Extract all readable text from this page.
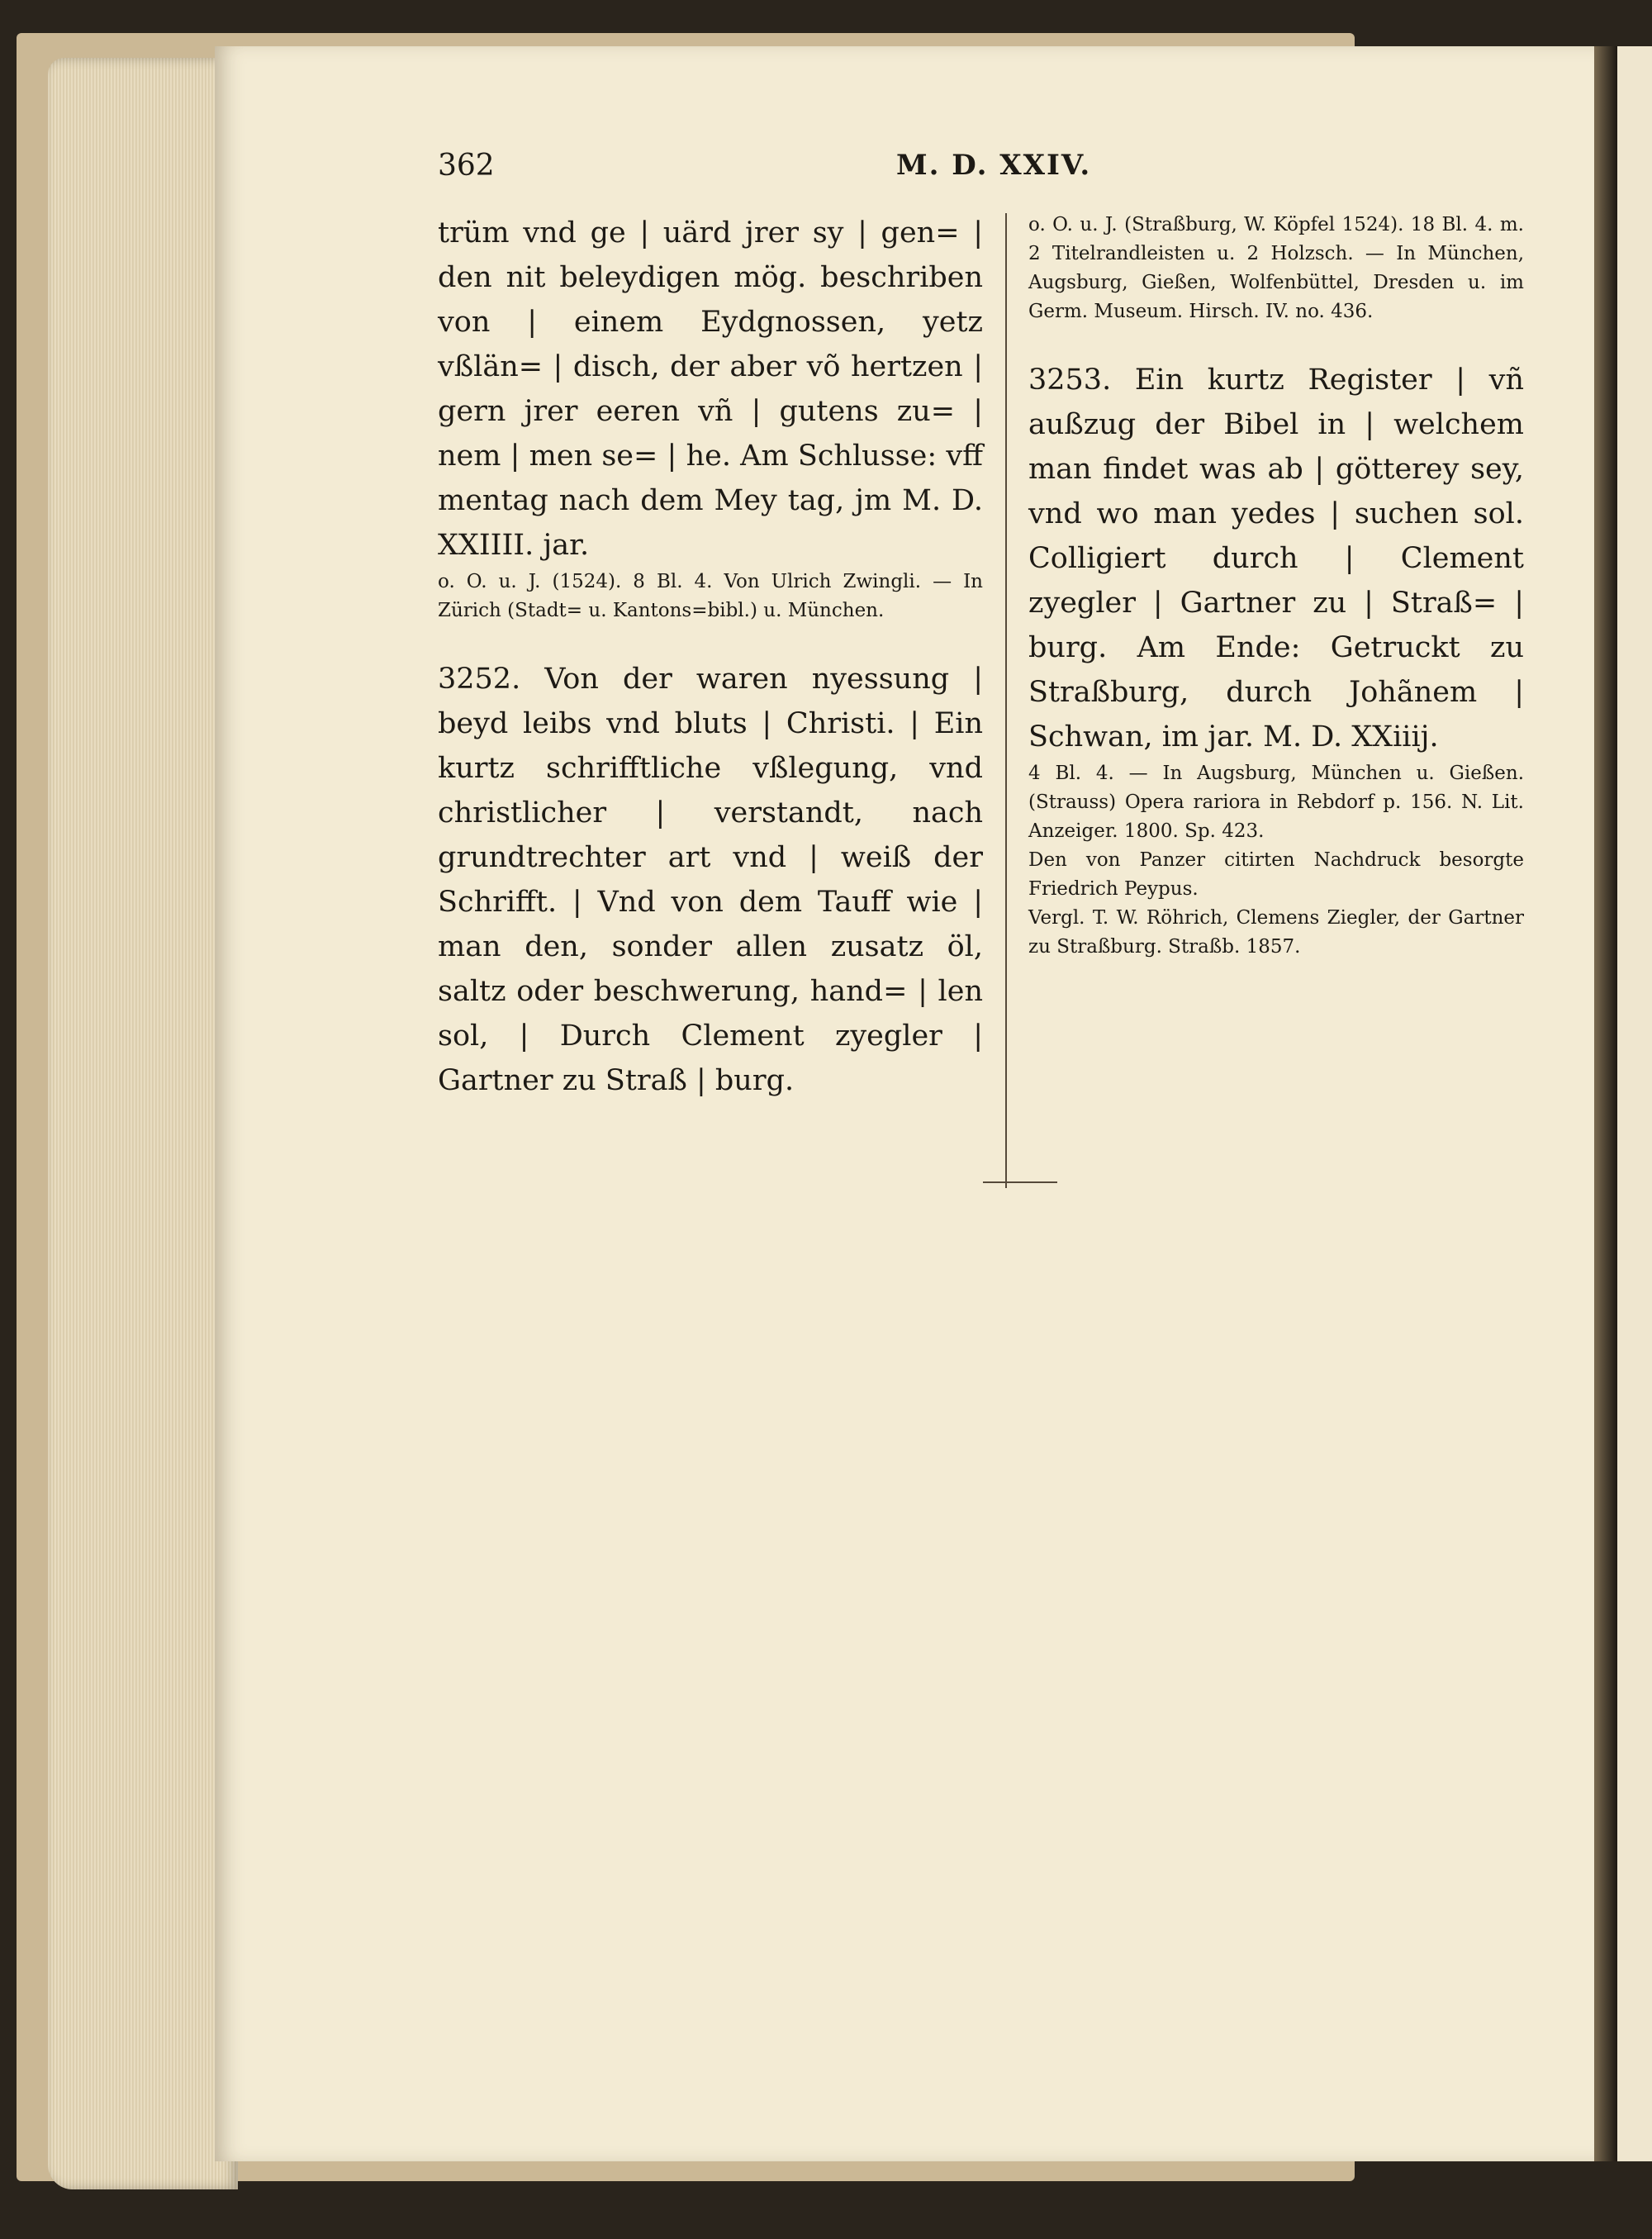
362	M. D. XXIV.

trüm vnd ge | uärd jrer sy | gen= | den nit beleydigen mög. beschriben von | einem Eydgnossen, yetz vßlän= | disch, der aber võ hertzen | gern jrer eeren vñ | gutens zu= | nem | men se= | he. Am Schlusse: vff mentag nach dem Mey tag, jm M. D. XXIIII. jar.

o. O. u. J. (1524). 8 Bl. 4. Von Ulrich Zwingli. — In Zürich (Stadt= u. Kantons=bibl.) u. München.

3252. Von der waren nyessung | beyd leibs vnd bluts | Christi. | Ein kurtz schrifftliche vßlegung, vnd christlicher | verstandt, nach grundtrechter art vnd | weiß der Schrifft. | Vnd von dem Tauff wie | man den, sonder allen zusatz öl, saltz oder beschwerung, hand= | len sol, | Durch Clement zyegler | Gartner zu Straß | burg.

o. O. u. J. (Straßburg, W. Köpfel 1524). 18 Bl. 4. m. 2 Titelrandleisten u. 2 Holzsch. — In München, Augsburg, Gießen, Wolfenbüttel, Dresden u. im Germ. Museum. Hirsch. IV. no. 436.

3253. Ein kurtz Register | vñ außzug der Bibel in | welchem man findet was ab | götterey sey, vnd wo man yedes | suchen sol. Colligiert durch | Clement zyegler | Gartner zu | Straß= | burg. Am Ende: Getruckt zu Straßburg, durch Johãnem | Schwan, im jar. M. D. XXiiij.

4 Bl. 4. — In Augsburg, München u. Gießen. (Strauss) Opera rariora in Rebdorf p. 156. N. Lit. Anzeiger. 1800. Sp. 423.

Den von Panzer citirten Nachdruck besorgte Friedrich Peypus.

Vergl. T. W. Röhrich, Clemens Ziegler, der Gartner zu Straßburg. Straßb. 1857.
